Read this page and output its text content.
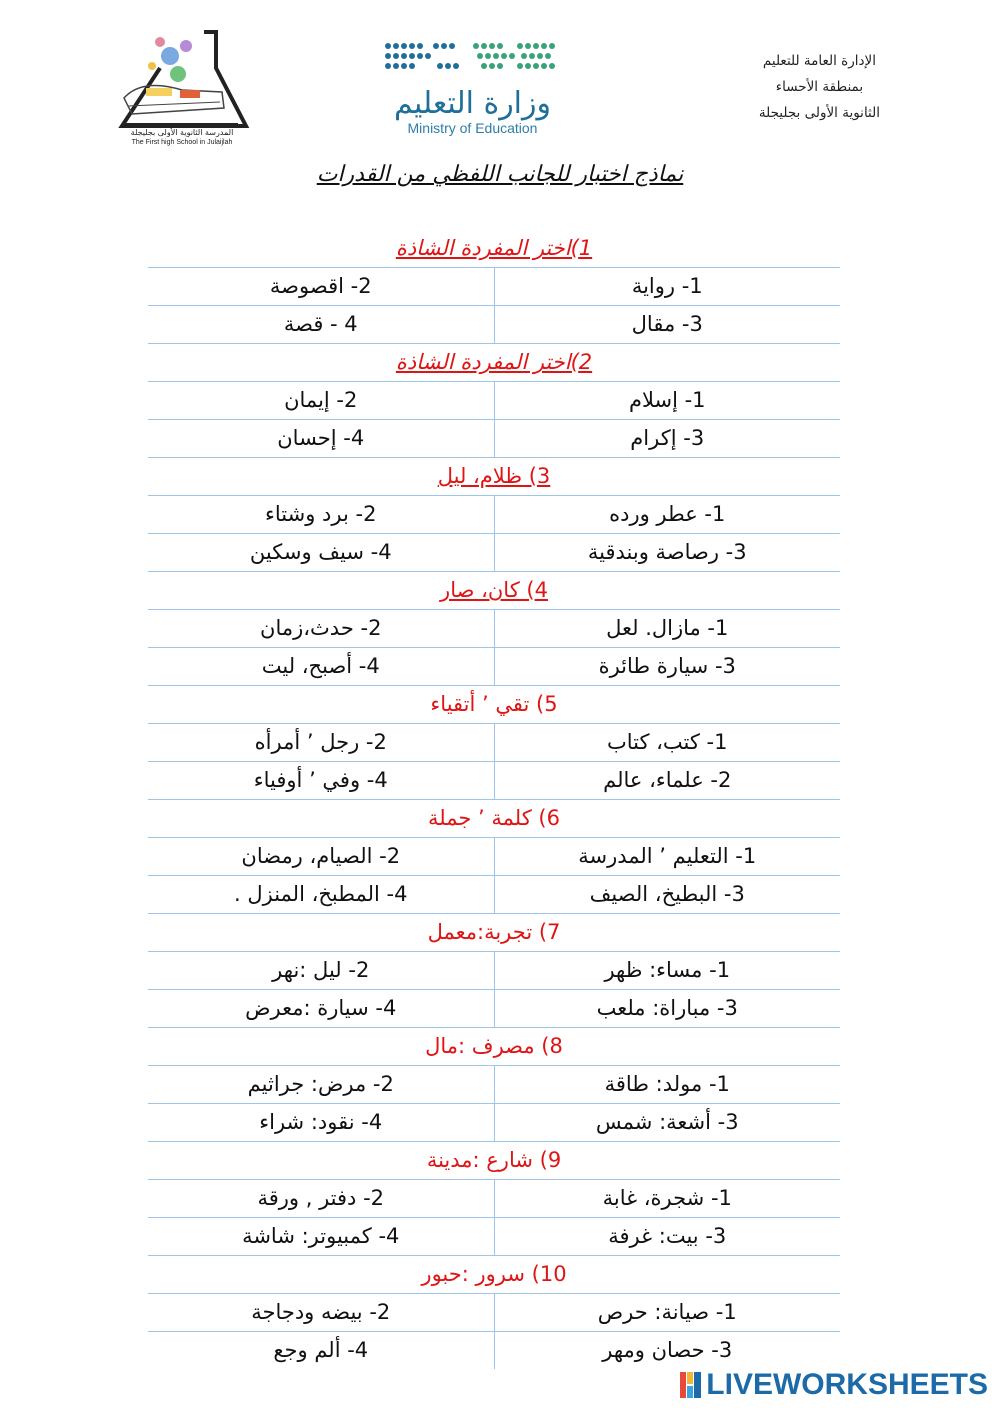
الإدارة العامة للتعليم
بمنطقة الأحساء
الثانوية الأولى بجليجلة
وزارة التعليم
Ministry of Education
المدرسة الثانوية الأولى بجليجلة
The First high School in Julaijlah
نماذج اختبار للجانب اللفظي من القدرات
1)اختر المفردة الشاذة
1- رواية
2- اقصوصة
3- مقال
4 - قصة
2)اختر المفردة الشاذة
1- إسلام
2- إيمان
3- إكرام
4- إحسان
3) ظلام، ليل
1- عطر ورده
2- برد وشتاء
3- رصاصة وبندقية
4- سيف وسكين
4) كان، صار
1- مازال. لعل
2- حدث،زمان
3- سيارة طائرة
4- أصبح، ليت
5) تقي ’ أتقياء
1- كتب، كتاب
2- رجل ’ أمرأه
2- علماء، عالم
4- وفي ’ أوفياء
6) كلمة ’ جملة
1- التعليم ’ المدرسة
2- الصيام، رمضان
3- البطيخ، الصيف
4- المطبخ، المنزل .
7) تجربة:معمل
1- مساء: ظهر
2- ليل :نهر
3- مباراة: ملعب
4- سيارة :معرض
8) مصرف :مال
1- مولد: طاقة
2- مرض: جراثيم
3- أشعة: شمس
4- نقود: شراء
9) شارع :مدينة
1- شجرة، غابة
2- دفتر , ورقة
3- بيت: غرفة
4- كمبيوتر: شاشة
10) سرور :حبور
1- صيانة: حرص
2- بيضه ودجاجة
3- حصان ومهر
4- ألم وجع
LIVEWORKSHEETS
